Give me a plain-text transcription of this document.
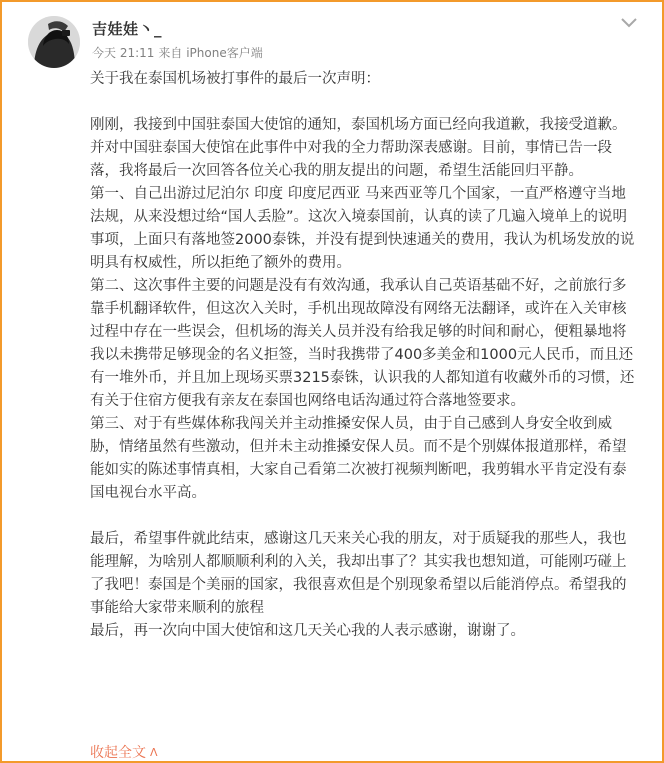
吉娃娃丶_
今天 21:11 来自 iPhone客户端

关于我在泰国机场被打事件的最后一次声明：

刚刚，我接到中国驻泰国大使馆的通知，泰国机场方面已经向我道歉，我接受道歉。并对中国驻泰国大使馆在此事件中对我的全力帮助深表感谢。目前，事情已告一段落，我将最后一次回答各位关心我的朋友提出的问题，希望生活能回归平静。

第一、自己出游过尼泊尔 印度 印度尼西亚 马来西亚等几个国家，一直严格遵守当地法规，从来没想过给“国人丢脸”。这次入境泰国前，认真的读了几遍入境单上的说明事项，上面只有落地签2000泰铢，并没有提到快速通关的费用，我认为机场发放的说明具有权威性，所以拒绝了额外的费用。

第二、这次事件主要的问题是没有有效沟通，我承认自己英语基础不好，之前旅行多靠手机翻译软件，但这次入关时，手机出现故障没有网络无法翻译，或许在入关审核过程中存在一些误会，但机场的海关人员并没有给我足够的时间和耐心，便粗暴地将我以未携带足够现金的名义拒签，当时我携带了400多美金和1000元人民币，而且还有一堆外币，并且加上现场买票3215泰铢，认识我的人都知道有收藏外币的习惯，还有关于住宿方便我有亲友在泰国也网络电话沟通过符合落地签要求。

第三、对于有些媒体称我闯关并主动推搡安保人员，由于自己感到人身安全收到威胁，情绪虽然有些激动，但并未主动推搡安保人员。而不是个别媒体报道那样，希望能如实的陈述事情真相，大家自己看第二次被打视频判断吧，我剪辑水平肯定没有泰国电视台水平高。

最后，希望事件就此结束，感谢这几天来关心我的朋友，对于质疑我的那些人，我也能理解，为啥别人都顺顺利利的入关，我却出事了？其实我也想知道，可能刚巧碰上了我吧！泰国是个美丽的国家，我很喜欢但是个别现象希望以后能消停点。希望我的事能给大家带来顺利的旅程

最后，再一次向中国大使馆和这几天关心我的人表示感谢，谢谢了。

收起全文 ᐱ
